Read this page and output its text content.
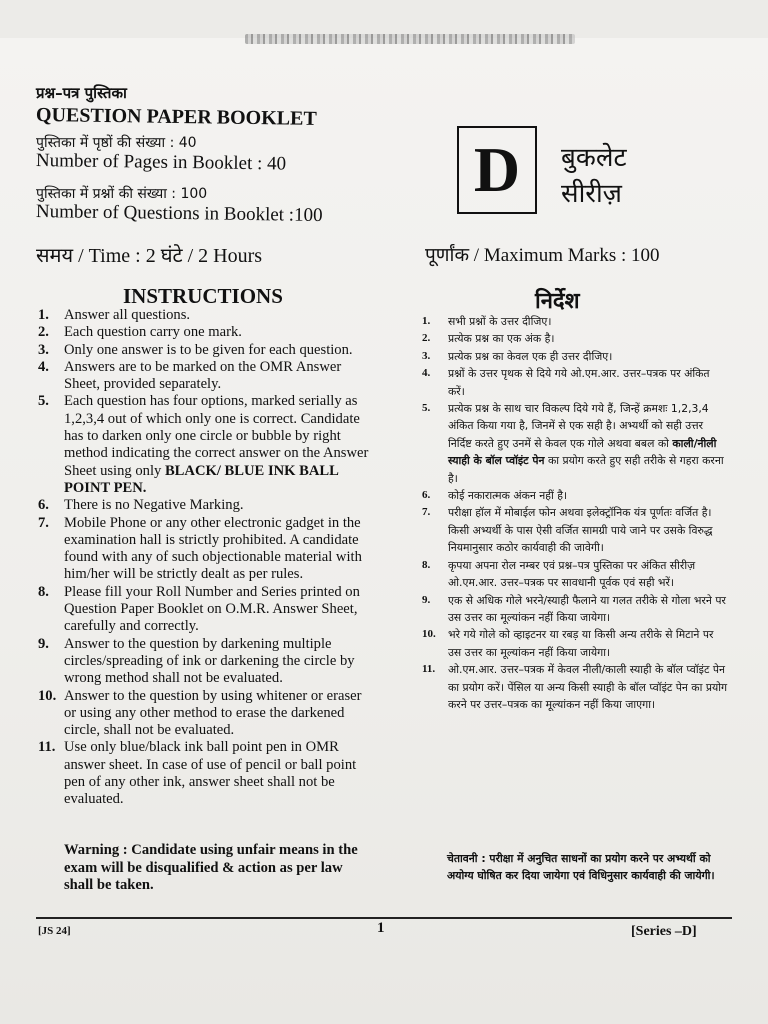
प्रश्न–पत्र पुस्तिका
QUESTION PAPER BOOKLET
पुस्तिका में पृष्ठों की संख्या : 40
Number of Pages in Booklet : 40
पुस्तिका में प्रश्नों की संख्या : 100
Number of Questions in Booklet :100
समय / Time : 2 घंटे / 2 Hours
D बुकलेट
सीरीज़
पूर्णांक / Maximum Marks : 100
INSTRUCTIONS	निर्देश
1. Answer all questions.
2. Each question carry one mark.
3. Only one answer is to be given for each question.
4. Answers are to be marked on the OMR Answer Sheet, provided separately.
5. Each question has four options, marked serially as 1,2,3,4 out of which only one is correct. Candidate has to darken only one circle or bubble by right method indicating the correct answer on the Answer Sheet using only BLACK/ BLUE INK BALL POINT PEN.
6. There is no Negative Marking.
7. Mobile Phone or any other electronic gadget in the examination hall is strictly prohibited. A candidate found with any of such objectionable material with him/her will be strictly dealt as per rules.
8. Please fill your Roll Number and Series printed on Question Paper Booklet on O.M.R. Answer Sheet, carefully and correctly.
9. Answer to the question by darkening multiple circles/spreading of ink or darkening the circle by wrong method shall not be evaluated.
10. Answer to the question by using whitener or eraser or using any other method to erase the darkened circle, shall not be evaluated.
11. Use only blue/black ink ball point pen in OMR answer sheet. In case of use of pencil or ball point pen of any other ink, answer sheet shall not be evaluated.
Warning : Candidate using unfair means in the exam will be disqualified & action as per law shall be taken.
1. सभी प्रश्नों के उत्तर दीजिए।
2. प्रत्येक प्रश्न का एक अंक है।
3. प्रत्येक प्रश्न का केवल एक ही उत्तर दीजिए।
4. प्रश्नों के उत्तर पृथक से दिये गये ओ.एम.आर. उत्तर–पत्रक पर अंकित करें।
5. प्रत्येक प्रश्न के साथ चार विकल्प दिये गये हैं, जिन्हें क्रमशः 1,2,3,4 अंकित किया गया है, जिनमें से एक सही है। अभ्यर्थी को सही उत्तर निर्दिष्ट करते हुए उनमें से केवल एक गोले अथवा बबल को काली/नीली स्याही के बॉल प्वॉइंट पेन का प्रयोग करते हुए सही तरीके से गहरा करना है।
6. कोई नकारात्मक अंकन नहीं है।
7. परीक्षा हॉल में मोबाईल फोन अथवा इलेक्ट्रॉनिक यंत्र पूर्णतः वर्जित है। किसी अभ्यर्थी के पास ऐसी वर्जित सामग्री पाये जाने पर उसके विरुद्ध नियमानुसार कठोर कार्यवाही की जावेगी।
8. कृपया अपना रोल नम्बर एवं प्रश्न–पत्र पुस्तिका पर अंकित सीरीज़ ओ.एम.आर. उत्तर–पत्रक पर सावधानी पूर्वक एवं सही भरें।
9. एक से अधिक गोले भरने/स्याही फैलाने या गलत तरीके से गोला भरने पर उस उत्तर का मूल्यांकन नहीं किया जायेगा।
10. भरे गये गोले को व्हाइटनर या रबड़ या किसी अन्य तरीके से मिटाने पर उस उत्तर का मूल्यांकन नहीं किया जायेगा।
11. ओ.एम.आर. उत्तर–पत्रक में केवल नीली/काली स्याही के बॉल प्वॉइंट पेन का प्रयोग करें। पेंसिल या अन्य किसी स्याही के बॉल प्वॉइंट पेन का प्रयोग करने पर उत्तर–पत्रक का मूल्यांकन नहीं किया जाएगा।
चेतावनी : परीक्षा में अनुचित साधनों का प्रयोग करने पर अभ्यर्थी को अयोग्य घोषित कर दिया जायेगा एवं विधिनुसार कार्यवाही की जायेगी।
[JS 24]	1	[Series –D]
